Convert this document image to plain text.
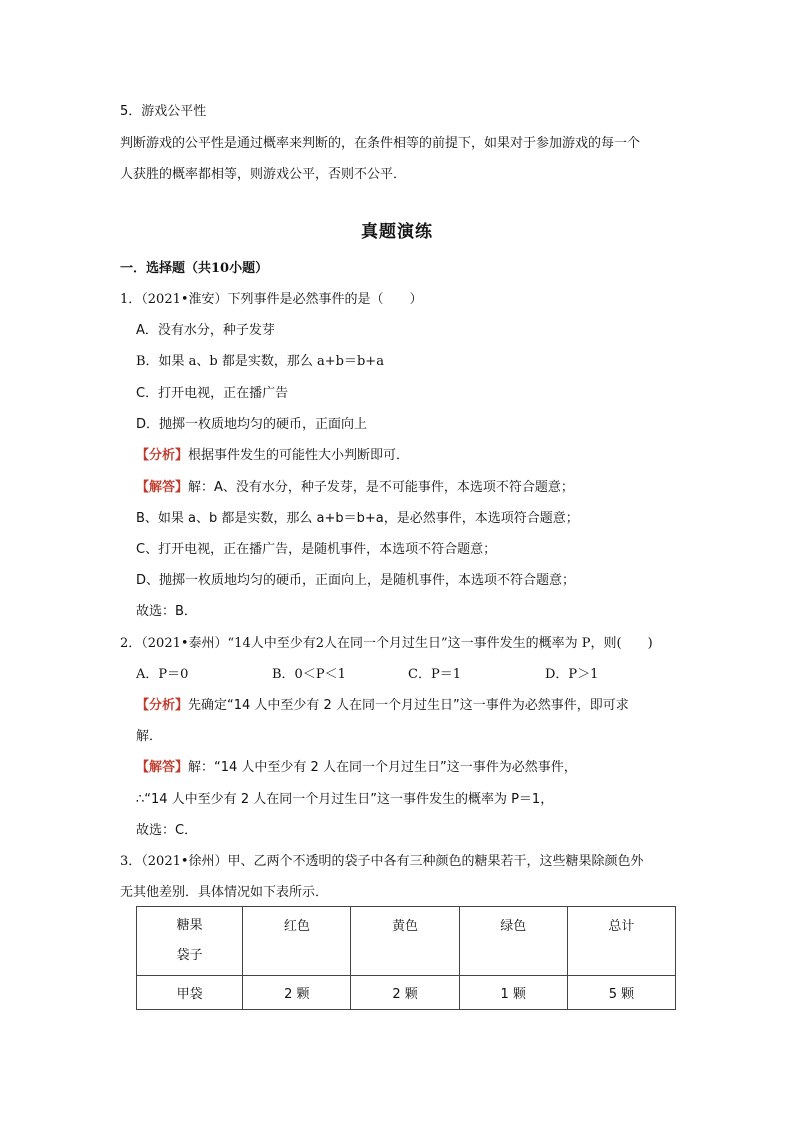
5．游戏公平性
判断游戏的公平性是通过概率来判断的，在条件相等的前提下，如果对于参加游戏的每一个
人获胜的概率都相等，则游戏公平，否则不公平．
真题演练
一．选择题（共10小题）
1．（2021•淮安）下列事件是必然事件的是（　　）
A．没有水分，种子发芽
B．如果 a、b 都是实数，那么 a+b＝b+a
C．打开电视，正在播广告
D．抛掷一枚质地均匀的硬币，正面向上
【分析】根据事件发生的可能性大小判断即可．
【解答】解：A、没有水分，种子发芽，是不可能事件，本选项不符合题意；
B、如果 a、b 都是实数，那么 a+b＝b+a，是必然事件，本选项符合题意；
C、打开电视，正在播广告，是随机事件，本选项不符合题意；
D、抛掷一枚质地均匀的硬币，正面向上，是随机事件，本选项不符合题意；
故选：B．
2．（2021•泰州）“14人中至少有2人在同一个月过生日”这一事件发生的概率为 P，则(　　)
A．P＝0	B．0＜P＜1	C．P＝1	D．P＞1
【分析】先确定“14 人中至少有 2 人在同一个月过生日”这一事件为必然事件，即可求
解．
【解答】解：“14 人中至少有 2 人在同一个月过生日”这一事件为必然事件，
∴“14 人中至少有 2 人在同一个月过生日”这一事件发生的概率为 P＝1，
故选：C．
3．（2021•徐州）甲、乙两个不透明的袋子中各有三种颜色的糖果若干，这些糖果除颜色外
无其他差别．具体情况如下表所示．
糖果
袋子	红色	黄色	绿色	总计
甲袋	2 颗	2 颗	1 颗	5 颗
